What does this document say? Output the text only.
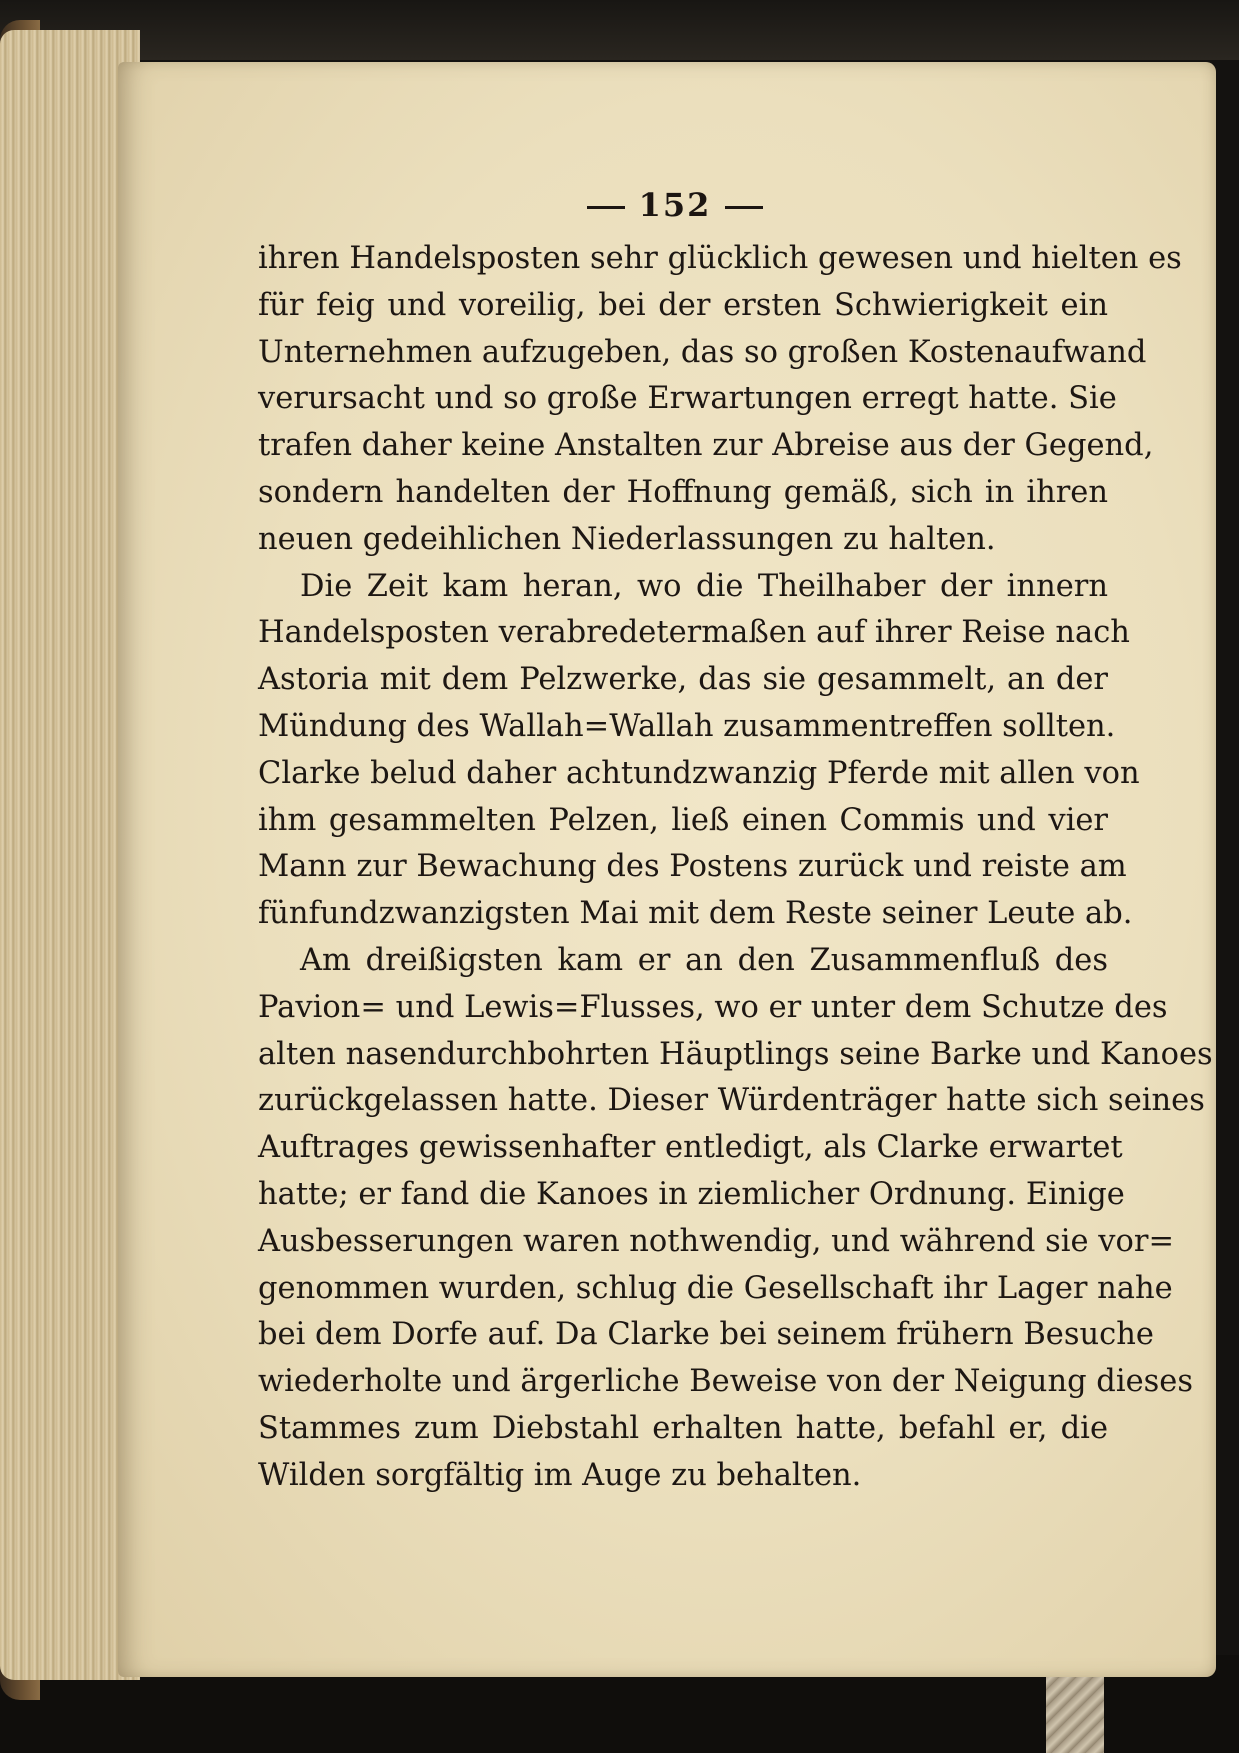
152
ihren Handelsposten sehr glücklich gewesen und hielten es
für feig und voreilig, bei der ersten Schwierigkeit ein
Unternehmen aufzugeben, das so großen Kostenaufwand
verursacht und so große Erwartungen erregt hatte. Sie
trafen daher keine Anstalten zur Abreise aus der Gegend,
sondern handelten der Hoffnung gemäß, sich in ihren
neuen gedeihlichen Niederlassungen zu halten.
Die Zeit kam heran, wo die Theilhaber der innern
Handelsposten verabredetermaßen auf ihrer Reise nach
Astoria mit dem Pelzwerke, das sie gesammelt, an der
Mündung des Wallah=Wallah zusammentreffen sollten.
Clarke belud daher achtundzwanzig Pferde mit allen von
ihm gesammelten Pelzen, ließ einen Commis und vier
Mann zur Bewachung des Postens zurück und reiste am
fünfundzwanzigsten Mai mit dem Reste seiner Leute ab.
Am dreißigsten kam er an den Zusammenfluß des
Pavion= und Lewis=Flusses, wo er unter dem Schutze des
alten nasendurchbohrten Häuptlings seine Barke und Kanoes
zurückgelassen hatte. Dieser Würdenträger hatte sich seines
Auftrages gewissenhafter entledigt, als Clarke erwartet
hatte; er fand die Kanoes in ziemlicher Ordnung. Einige
Ausbesserungen waren nothwendig, und während sie vor=
genommen wurden, schlug die Gesellschaft ihr Lager nahe
bei dem Dorfe auf. Da Clarke bei seinem frühern Besuche
wiederholte und ärgerliche Beweise von der Neigung dieses
Stammes zum Diebstahl erhalten hatte, befahl er, die
Wilden sorgfältig im Auge zu behalten.
